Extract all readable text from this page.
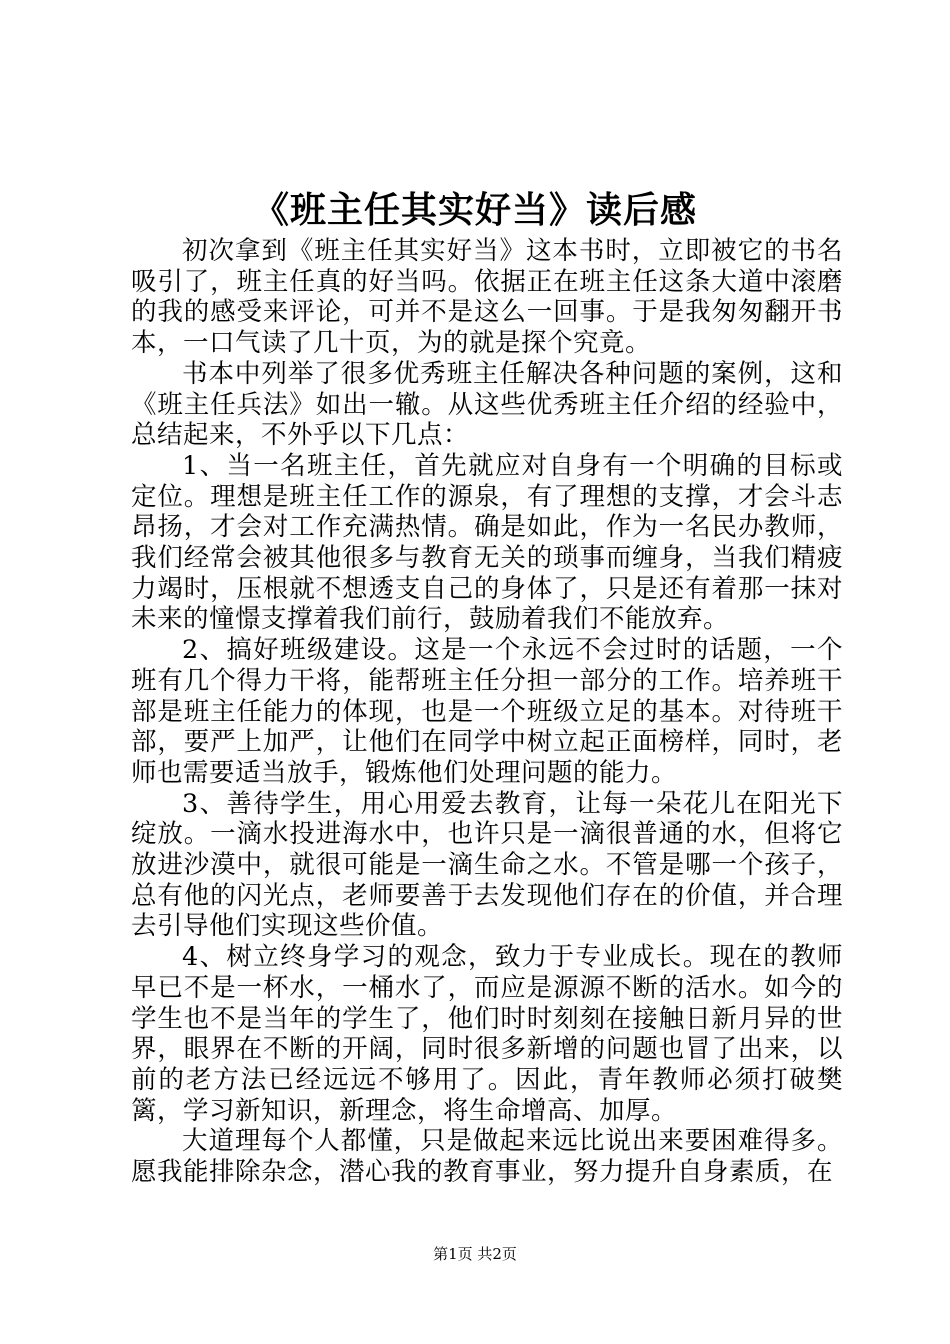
《班主任其实好当》读后感

初次拿到《班主任其实好当》这本书时，立即被它的书名吸引了，班主任真的好当吗。依据正在班主任这条大道中滚磨的我的感受来评论，可并不是这么一回事。于是我匆匆翻开书本，一口气读了几十页，为的就是探个究竟。

书本中列举了很多优秀班主任解决各种问题的案例，这和《班主任兵法》如出一辙。从这些优秀班主任介绍的经验中，总结起来，不外乎以下几点：

1、当一名班主任，首先就应对自身有一个明确的目标或定位。理想是班主任工作的源泉，有了理想的支撑，才会斗志昂扬，才会对工作充满热情。确是如此，作为一名民办教师，我们经常会被其他很多与教育无关的琐事而缠身，当我们精疲力竭时，压根就不想透支自己的身体了，只是还有着那一抹对未来的憧憬支撑着我们前行，鼓励着我们不能放弃。

2、搞好班级建设。这是一个永远不会过时的话题，一个班有几个得力干将，能帮班主任分担一部分的工作。培养班干部是班主任能力的体现，也是一个班级立足的基本。对待班干部，要严上加严，让他们在同学中树立起正面榜样，同时，老师也需要适当放手，锻炼他们处理问题的能力。

3、善待学生，用心用爱去教育，让每一朵花儿在阳光下绽放。一滴水投进海水中，也许只是一滴很普通的水，但将它放进沙漠中，就很可能是一滴生命之水。不管是哪一个孩子，总有他的闪光点，老师要善于去发现他们存在的价值，并合理去引导他们实现这些价值。

4、树立终身学习的观念，致力于专业成长。现在的教师早已不是一杯水，一桶水了，而应是源源不断的活水。如今的学生也不是当年的学生了，他们时时刻刻在接触日新月异的世界，眼界在不断的开阔，同时很多新增的问题也冒了出来，以前的老方法已经远远不够用了。因此，青年教师必须打破樊篱，学习新知识，新理念，将生命增高、加厚。

大道理每个人都懂，只是做起来远比说出来要困难得多。愿我能排除杂念，潜心我的教育事业，努力提升自身素质，在

第1页 共2页
